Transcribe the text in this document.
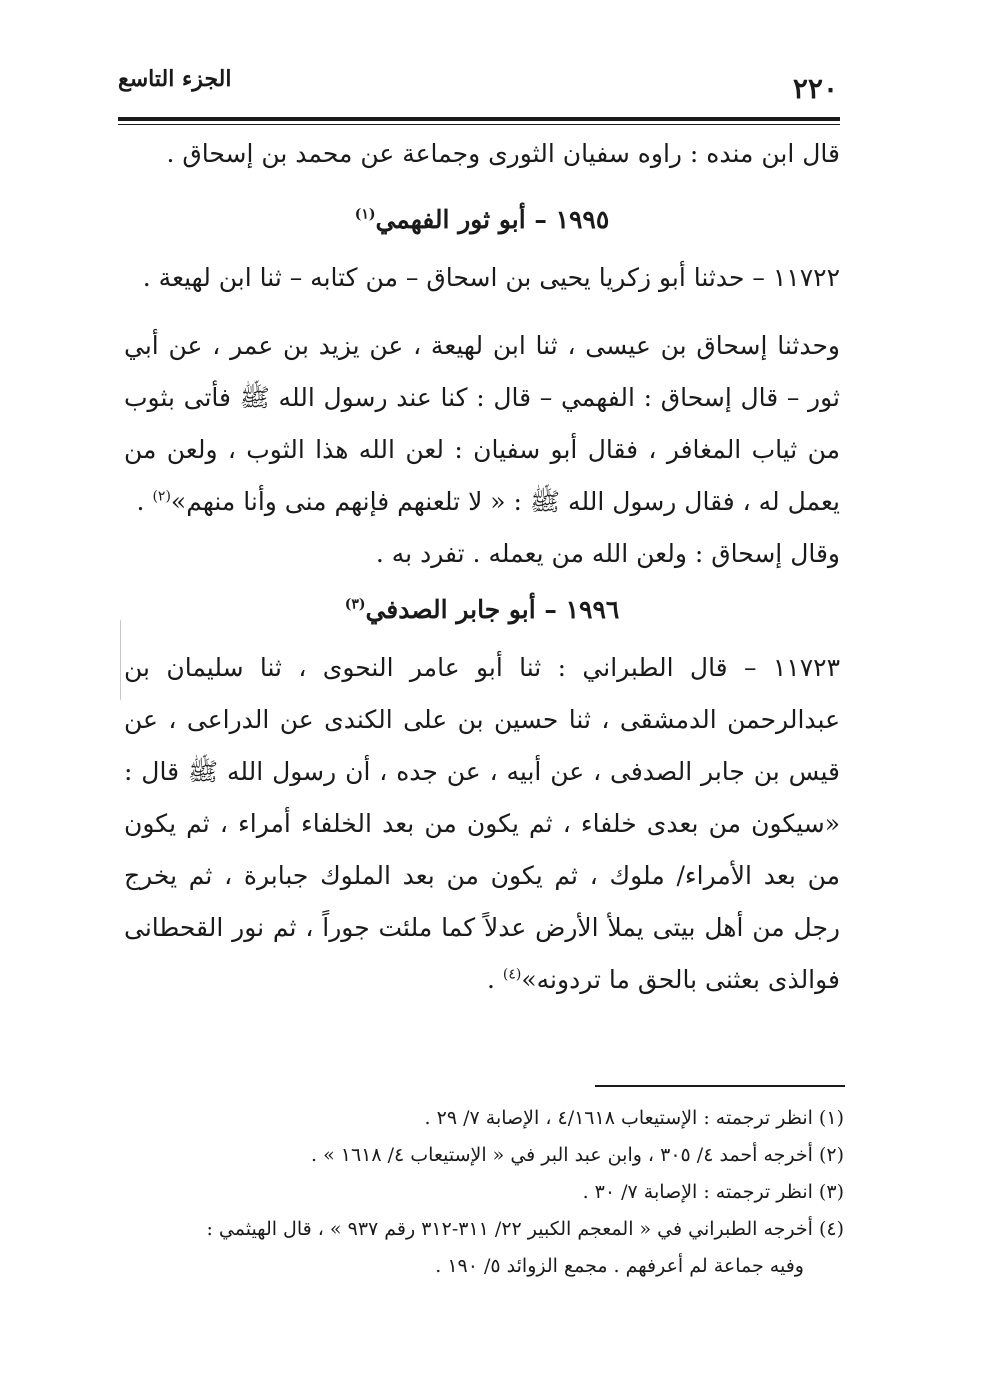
٢٢٠
الجزء التاسع

قال ابن منده : راوه سفيان الثورى وجماعة عن محمد بن إسحاق .

١٩٩٥ – أبو ثور الفهمي$^{(١)}$

١١٧٢٢ – حدثنا أبو زكريا يحيى بن اسحاق – من كتابه – ثنا ابن لهيعة .

وحدثنا إسحاق بن عيسى ، ثنا ابن لهيعة ، عن يزيد بن عمر ، عن أبي ثور – قال إسحاق : الفهمي – قال : كنا عند رسول الله ﷺ فأتى بثوب من ثياب المغافر ، فقال أبو سفيان : لعن الله هذا الثوب ، ولعن من يعمل له ، فقال رسول الله ﷺ : « لا تلعنهم فإنهم منى وأنا منهم»$^{(٢)}$ .

وقال إسحاق : ولعن الله من يعمله . تفرد به .

١٩٩٦ – أبو جابر الصدفي$^{(٣)}$

١١٧٢٣ – قال الطبراني : ثنا أبو عامر النحوى ، ثنا سليمان بن عبدالرحمن الدمشقى ، ثنا حسين بن على الكندى عن الدراعى ، عن قيس بن جابر الصدفى ، عن أبيه ، عن جده ، أن رسول الله ﷺ قال : «سيكون من بعدى خلفاء ، ثم يكون من بعد الخلفاء أمراء ، ثم يكون من بعد الأمراء/ ملوك ، ثم يكون من بعد الملوك جبابرة ، ثم يخرج رجل من أهل بيتى يملأ الأرض عدلاً كما ملئت جوراً ، ثم نور القحطانى فوالذى بعثنى بالحق ما تردونه»$^{(٤)}$ .

(١) انظر ترجمته : الإستيعاب ٤/١٦١٨ ، الإصابة ٧/ ٢٩ .

(٢) أخرجه أحمد ٤/ ٣٠٥ ، وابن عبد البر في « الإستيعاب ٤/ ١٦١٨ » .

(٣) انظر ترجمته : الإصابة ٧/ ٣٠ .

(٤) أخرجه الطبراني في « المعجم الكبير ٢٢/ ٣١١-٣١٢ رقم ٩٣٧ » ، قال الهيثمي :
وفيه جماعة لم أعرفهم . مجمع الزوائد ٥/ ١٩٠ .
